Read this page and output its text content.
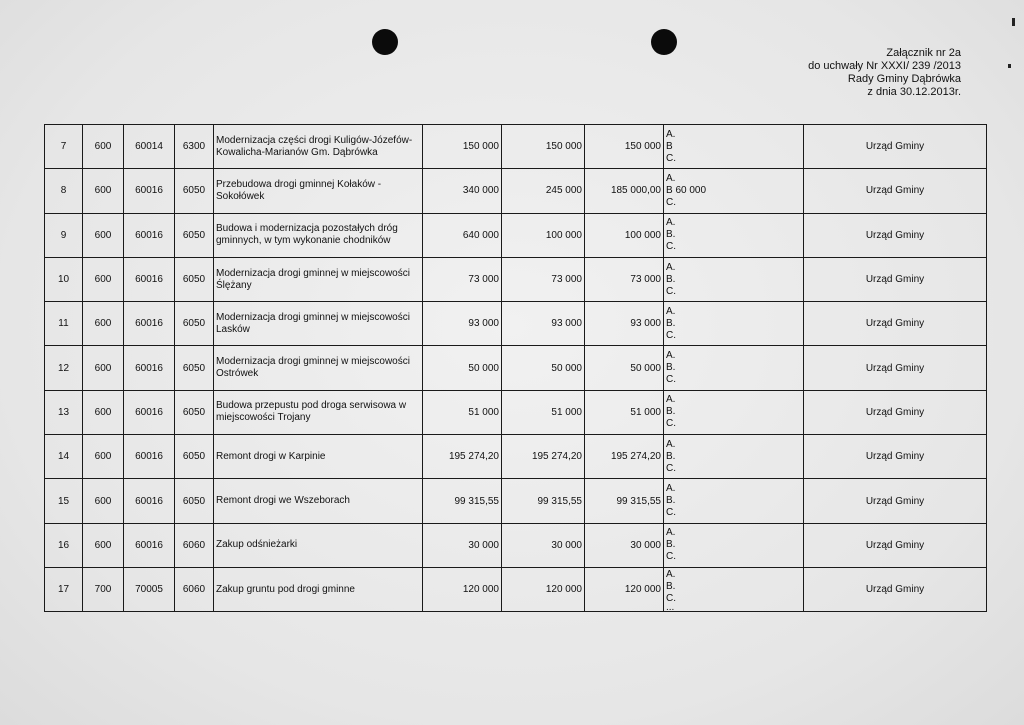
Załącznik nr 2a
do uchwały Nr XXXI/ 239 /2013
Rady Gminy Dąbrówka
z dnia 30.12.2013r.
7	600	60014	6300	Modernizacja części drogi Kuligów-Józefów-Kowalicha-Marianów Gm. Dąbrówka	150 000	150 000	150 000	A.
B
C.	Urząd Gminy
8	600	60016	6050	Przebudowa drogi gminnej Kołaków - Sokołówek	340 000	245 000	185 000,00	A.
B 60 000
C.	Urząd Gminy
9	600	60016	6050	Budowa i modernizacja pozostałych dróg gminnych, w tym wykonanie chodników	640 000	100 000	100 000	A.
B.
C.	Urząd Gminy
10	600	60016	6050	Modernizacja drogi gminnej w miejscowości Ślężany	73 000	73 000	73 000	A.
B.
C.	Urząd Gminy
11	600	60016	6050	Modernizacja drogi gminnej w miejscowości Lasków	93 000	93 000	93 000	A.
B.
C.	Urząd Gminy
12	600	60016	6050	Modernizacja drogi gminnej w miejscowości Ostrówek	50 000	50 000	50 000	A.
B.
C.	Urząd Gminy
13	600	60016	6050	Budowa przepustu pod droga serwisowa w miejscowości Trojany	51 000	51 000	51 000	A.
B.
C.	Urząd Gminy
14	600	60016	6050	Remont drogi w Karpinie	195 274,20	195 274,20	195 274,20	A.
B.
C.	Urząd Gminy
15	600	60016	6050	Remont drogi we Wszeborach	99 315,55	99 315,55	99 315,55	A.
B.
C.	Urząd Gminy
16	600	60016	6060	Zakup odśnieżarki	30 000	30 000	30 000	A.
B.
C.	Urząd Gminy
17	700	70005	6060	Zakup gruntu pod drogi gminne	120 000	120 000	120 000	A.
B.
C.
...	Urząd Gminy
